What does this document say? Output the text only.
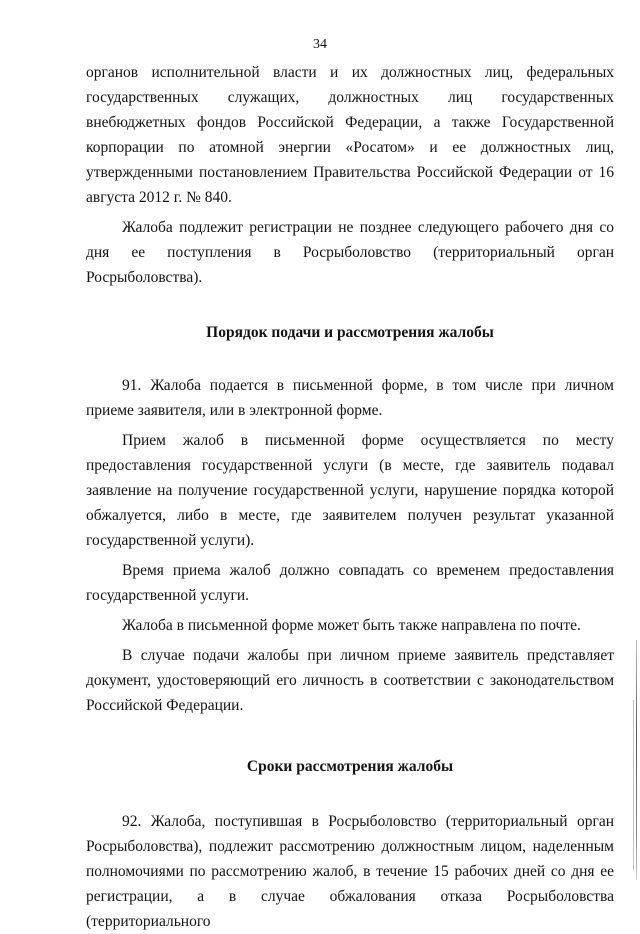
34

органов исполнительной власти и их должностных лиц, федеральных государственных служащих, должностных лиц государственных внебюджетных фондов Российской Федерации, а также Государственной корпорации по атомной энергии «Росатом» и ее должностных лиц, утвержденными постановлением Правительства Российской Федерации от 16 августа 2012 г. № 840.

Жалоба подлежит регистрации не позднее следующего рабочего дня со дня ее поступления в Росрыболовство (территориальный орган Росрыболовства).

Порядок подачи и рассмотрения жалобы

91. Жалоба подается в письменной форме, в том числе при личном приеме заявителя, или в электронной форме.

Прием жалоб в письменной форме осуществляется по месту предоставления государственной услуги (в месте, где заявитель подавал заявление на получение государственной услуги, нарушение порядка которой обжалуется, либо в месте, где заявителем получен результат указанной государственной услуги).

Время приема жалоб должно совпадать со временем предоставления государственной услуги.

Жалоба в письменной форме может быть также направлена по почте.

В случае подачи жалобы при личном приеме заявитель представляет документ, удостоверяющий его личность в соответствии с законодательством Российской Федерации.

Сроки рассмотрения жалобы

92. Жалоба, поступившая в Росрыболовство (территориальный орган Росрыболовства), подлежит рассмотрению должностным лицом, наделенным полномочиями по рассмотрению жалоб, в течение 15 рабочих дней со дня ее регистрации, а в случае обжалования отказа Росрыболовства (территориального
